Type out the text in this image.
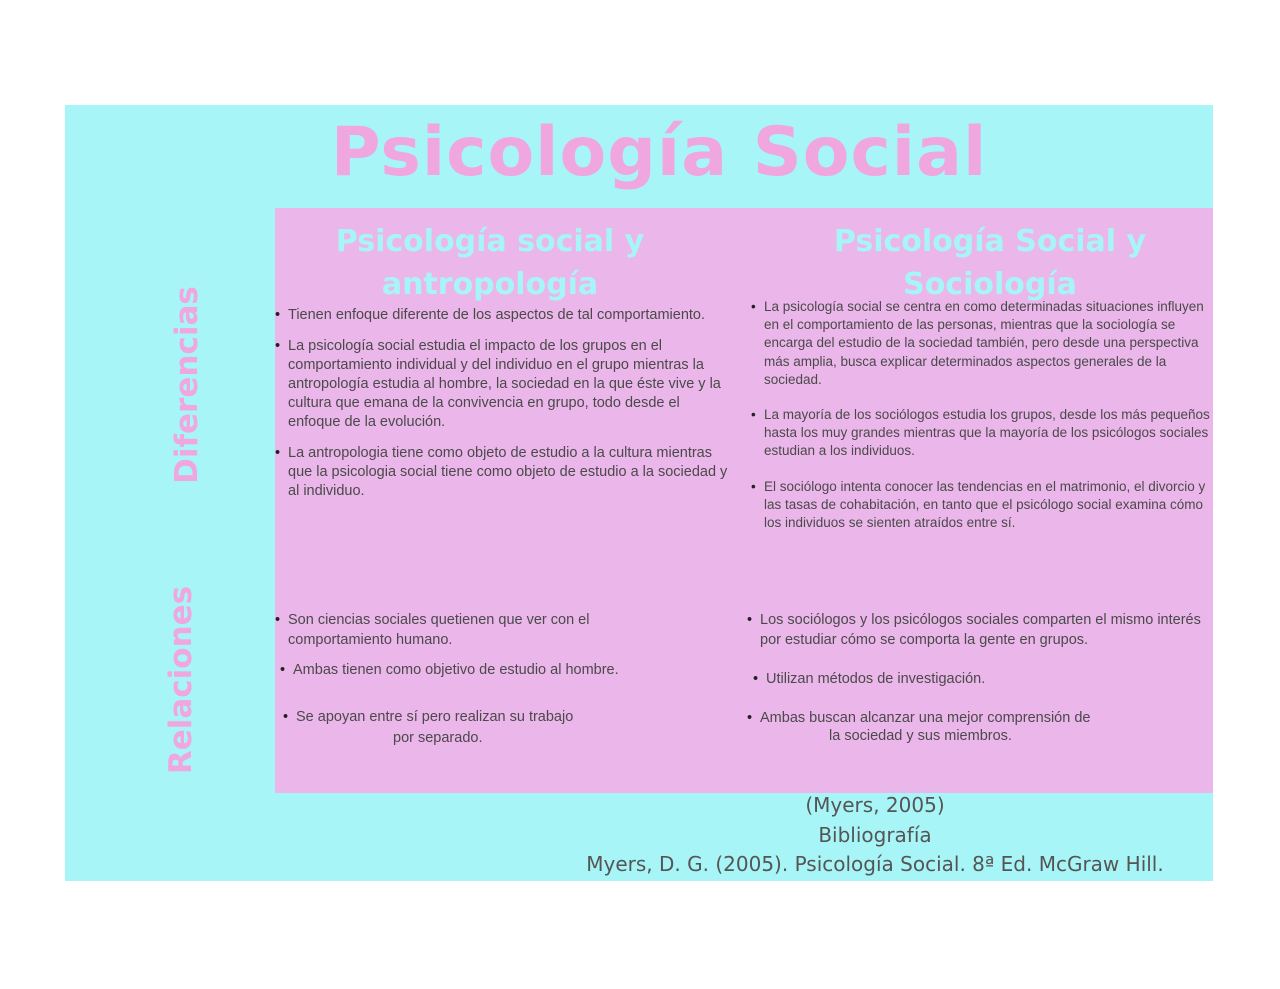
Psicología Social
Diferencias
Relaciones
Psicología social y
antropología
Psicología Social y
Sociología
• Tienen enfoque diferente de los aspectos de tal comportamiento.
• La psicología social estudia el impacto de los grupos en el comportamiento individual y del individuo en el grupo mientras la antropología estudia al hombre, la sociedad en la que éste vive y la cultura que emana de la convivencia en grupo, todo desde el enfoque de la evolución.
• La antropologia tiene como objeto de estudio a la cultura mientras que la psicologia social tiene como objeto de estudio a la sociedad y al individuo.
• La psicología social se centra en como determinadas situaciones influyen en el comportamiento de las personas, mientras que la sociología se encarga del estudio de la sociedad también, pero desde una perspectiva más amplia, busca explicar determinados aspectos generales de la sociedad.
• La mayoría de los sociólogos estudia los grupos, desde los más pequeños hasta los muy grandes mientras que la mayoría de los psicólogos sociales estudian a los individuos.
• El sociólogo intenta conocer las tendencias en el matrimonio, el divorcio y las tasas de cohabitación, en tanto que el psicólogo social examina cómo los individuos se sienten atraídos entre sí.
• Son ciencias sociales quetienen que ver con el comportamiento humano.
• Ambas tienen como objetivo de estudio al hombre.
• Se apoyan entre sí pero realizan su trabajo
por separado.
• Los sociólogos y los psicólogos sociales comparten el mismo interés por estudiar cómo se comporta la gente en grupos.
• Utilizan métodos de investigación.
• Ambas buscan alcanzar una mejor comprensión de
la sociedad y sus miembros.

(Myers, 2005)

Bibliografía

Myers, D. G. (2005). Psicología Social. 8ª Ed. McGraw Hill.
